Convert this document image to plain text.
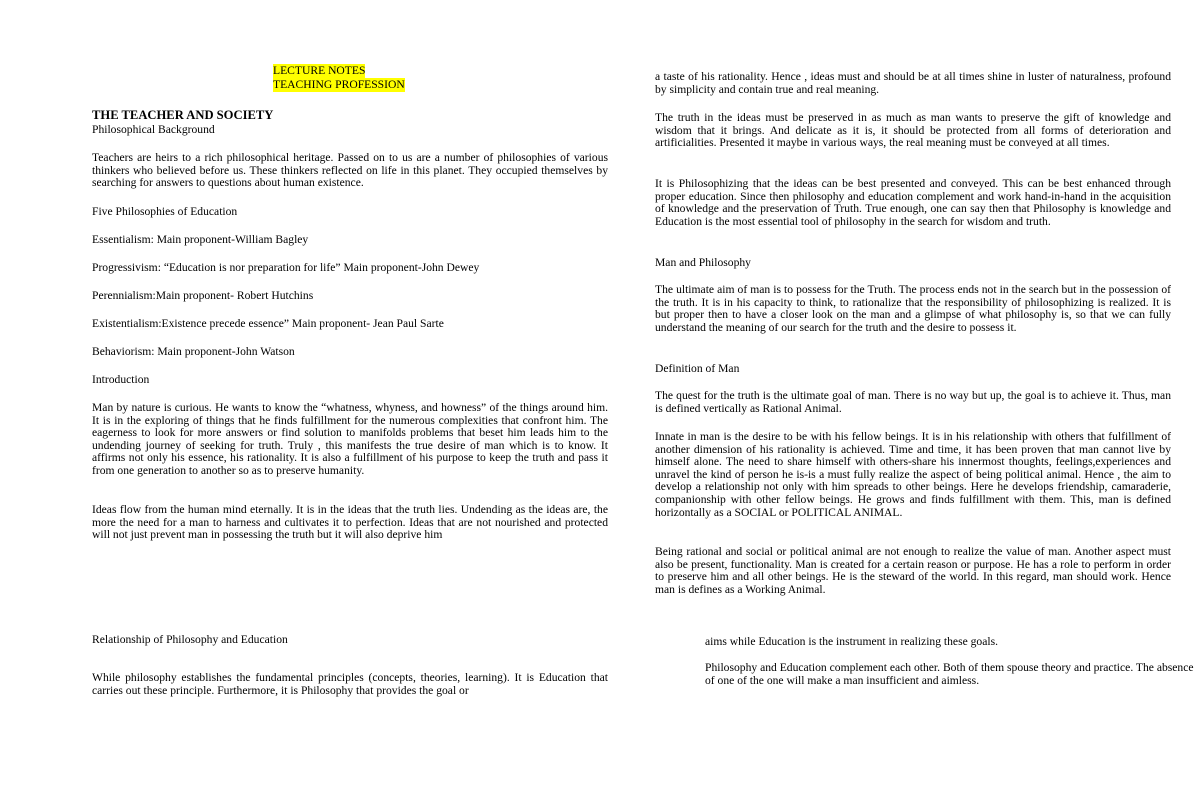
LECTURE NOTES
TEACHING PROFESSION
THE TEACHER AND SOCIETY
Philosophical Background

Teachers are heirs to a rich philosophical heritage. Passed on to us are a number of philosophies of various thinkers who believed before us. These thinkers reflected on life in this planet. They occupied themselves by searching for answers to questions about human existence.

Five Philosophies of Education
Essentialism: Main proponent-William Bagley
Progressivism: “Education is nor preparation for life” Main proponent-John Dewey
Perennialism:Main proponent- Robert Hutchins
Existentialism:Existence precede essence” Main proponent- Jean Paul Sarte
Behaviorism: Main proponent-John Watson
Introduction

Man by nature is curious. He wants to know the “whatness, whyness, and howness” of the things around him. It is in the exploring of things that he finds fulfillment for the numerous complexities that confront him. The eagerness to look for more answers or find solution to manifolds problems that beset him leads him to the undending journey of seeking for truth. Truly , this manifests the true desire of man which is to know. It affirms not only his essence, his rationality. It is also a fulfillment of his purpose to keep the truth and pass it from one generation to another so as to preserve humanity.

Ideas flow from the human mind eternally. It is in the ideas that the truth lies. Undending as the ideas are, the more the need for a man to harness and cultivates it to perfection. Ideas that are not nourished and protected will not just prevent man in possessing the truth but it will also deprive him

a taste of his rationality. Hence , ideas must and should be at all times shine in luster of naturalness, profound by simplicity and contain true and real meaning.

The truth in the ideas must be preserved in as much as man wants to preserve the gift of knowledge and wisdom that it brings. And delicate as it is, it should be protected from all forms of deterioration and artificialities. Presented it maybe in various ways, the real meaning must be conveyed at all times.

It is Philosophizing that the ideas can be best presented and conveyed. This can be best enhanced through proper education. Since then philosophy and education complement and work hand-in-hand in the acquisition of knowledge and the preservation of Truth. True enough, one can say then that Philosophy is knowledge and Education is the most essential tool of philosophy in the search for wisdom and truth.

Man and Philosophy

The ultimate aim of man is to possess for the Truth. The process ends not in the search but in the possession of the truth. It is in his capacity to think, to rationalize that the responsibility of philosophizing is realized. It is but proper then to have a closer look on the man and a glimpse of what philosophy is, so that we can fully understand the meaning of our search for the truth and the desire to possess it.

Definition of Man

The quest for the truth is the ultimate goal of man. There is no way but up, the goal is to achieve it. Thus, man is defined vertically as Rational Animal.

Innate in man is the desire to be with his fellow beings. It is in his relationship with others that fulfillment of another dimension of his rationality is achieved. Time and time, it has been proven that man cannot live by himself alone. The need to share himself with others-share his innermost thoughts, feelings,experiences and unravel the kind of person he is-is a must fully realize the aspect of being political animal. Hence , the aim to develop a relationship not only with him spreads to other beings. Here he develops friendship, camaraderie, companionship with other fellow beings. He grows and finds fulfillment with them. This, man is defined horizontally as a SOCIAL or POLITICAL ANIMAL.

Being rational and social or political animal are not enough to realize the value of man. Another aspect must also be present, functionality. Man is created for a certain reason or purpose. He has a role to perform in order to preserve him and all other beings. He is the steward of the world. In this regard, man should work. Hence man is defines as a Working Animal.

Relationship of Philosophy and Education

While philosophy establishes the fundamental principles (concepts, theories, learning). It is Education that carries out these principle. Furthermore, it is Philosophy that provides the goal or

aims while Education is the instrument in realizing these goals.

Philosophy and Education complement each other. Both of them spouse theory and practice. The absence of one of the one will make a man insufficient and aimless.
